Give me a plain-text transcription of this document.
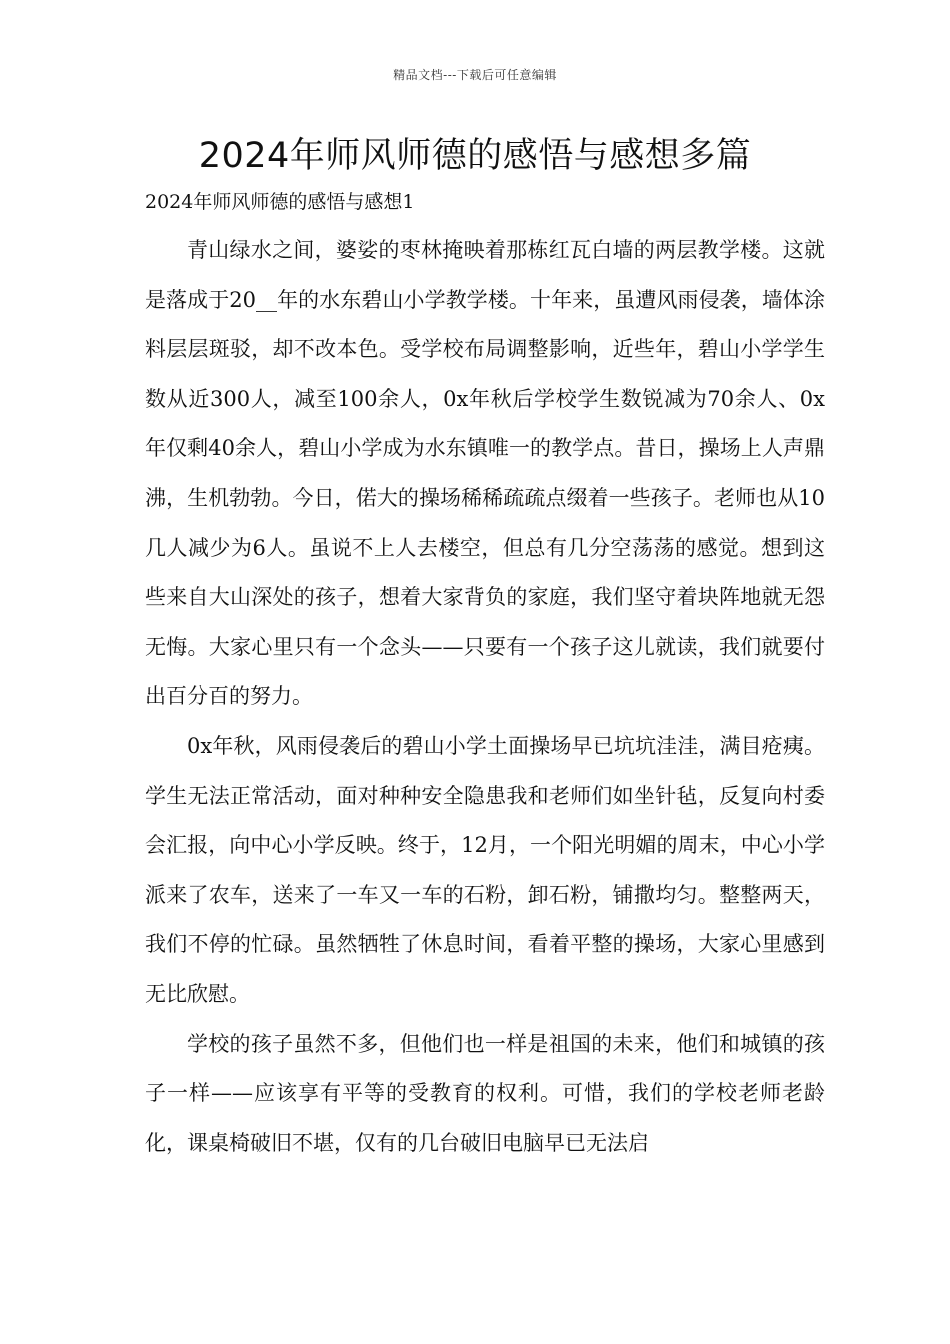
精品文档---下载后可任意编辑
2024年师风师德的感悟与感想多篇
2024年师风师德的感悟与感想1

青山绿水之间，婆娑的枣林掩映着那栋红瓦白墙的两层教学楼。这就是落成于20__年的水东碧山小学教学楼。十年来，虽遭风雨侵袭，墙体涂料层层斑驳，却不改本色。受学校布局调整影响，近些年，碧山小学学生数从近300人，减至100余人，0x年秋后学校学生数锐减为70余人、0x年仅剩40余人，碧山小学成为水东镇唯一的教学点。昔日，操场上人声鼎沸，生机勃勃。今日，偌大的操场稀稀疏疏点缀着一些孩子。老师也从10几人减少为6人。虽说不上人去楼空，但总有几分空荡荡的感觉。想到这些来自大山深处的孩子，想着大家背负的家庭，我们坚守着块阵地就无怨无悔。大家心里只有一个念头——只要有一个孩子这儿就读，我们就要付出百分百的努力。

0x年秋，风雨侵袭后的碧山小学土面操场早已坑坑洼洼，满目疮痍。学生无法正常活动，面对种种安全隐患我和老师们如坐针毡，反复向村委会汇报，向中心小学反映。终于，12月，一个阳光明媚的周末，中心小学派来了农车，送来了一车又一车的石粉，卸石粉，铺撒均匀。整整两天，我们不停的忙碌。虽然牺牲了休息时间，看着平整的操场，大家心里感到无比欣慰。

学校的孩子虽然不多，但他们也一样是祖国的未来，他们和城镇的孩子一样——应该享有平等的受教育的权利。可惜，我们的学校老师老龄化，课桌椅破旧不堪，仅有的几台破旧电脑早已无法启
